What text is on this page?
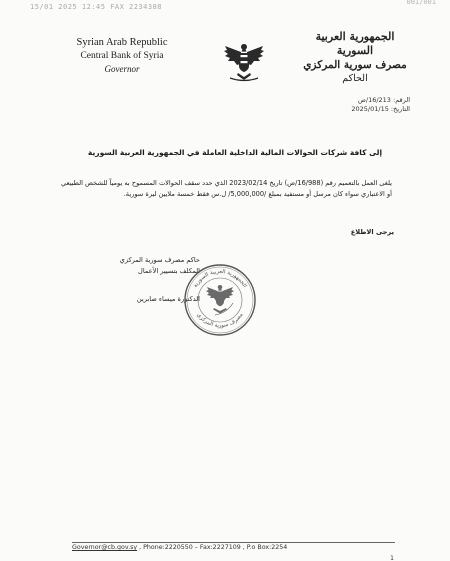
15/01 2025 12:45 FAX 2234388
001/001
Syrian Arab Republic
Central Bank of Syria
Governor
الجمهورية العربية السورية
مصرف سورية المركزي
الحاكم
الرقم: 16/213/ص
التاريخ: 2025/01/15
إلى كافة شركات الحوالات المالية الداخلية العاملة في الجمهورية العربية السورية
يلغى العمل بالتعميم رقم (16/988/ص) تاريخ 2023/02/14 الذي حدد سقف الحوالات المسموح به يومياً للشخص الطبيعي أو الاعتباري سواء كان مرسل أو مستفيد بمبلغ /5,000,000/ ل.س فقط خمسة ملايين ليرة سورية.
يرجى الاطلاع
حاكم مصرف سورية المركزي
المكلف بتسيير الأعمال
الدكتورة ميساء صابرين
الجمهورية العربية السورية
مصرف سورية المركزي
Governor@cb.gov.sy , Phone:2220550 – Fax:2227109 , P.o Box:2254
1
